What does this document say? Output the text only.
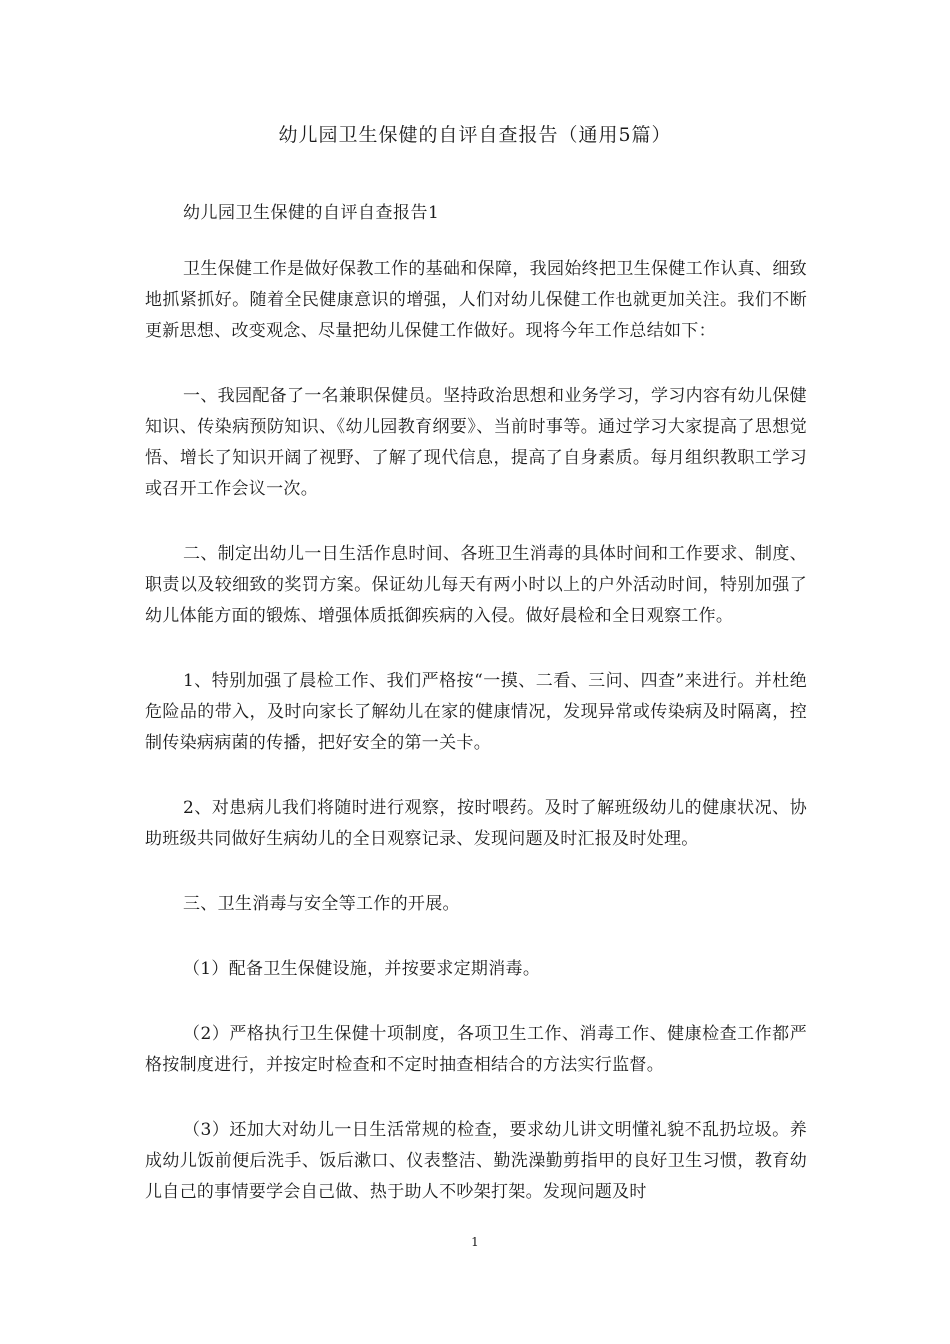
幼儿园卫生保健的自评自查报告（通用5篇）
幼儿园卫生保健的自评自查报告1

卫生保健工作是做好保教工作的基础和保障，我园始终把卫生保健工作认真、细致地抓紧抓好。随着全民健康意识的增强，人们对幼儿保健工作也就更加关注。我们不断更新思想、改变观念、尽量把幼儿保健工作做好。现将今年工作总结如下：

一、我园配备了一名兼职保健员。坚持政治思想和业务学习，学习内容有幼儿保健知识、传染病预防知识、《幼儿园教育纲要》、当前时事等。通过学习大家提高了思想觉悟、增长了知识开阔了视野、了解了现代信息，提高了自身素质。每月组织教职工学习或召开工作会议一次。

二、制定出幼儿一日生活作息时间、各班卫生消毒的具体时间和工作要求、制度、职责以及较细致的奖罚方案。保证幼儿每天有两小时以上的户外活动时间，特别加强了幼儿体能方面的锻炼、增强体质抵御疾病的入侵。做好晨检和全日观察工作。

1、特别加强了晨检工作、我们严格按“一摸、二看、三问、四查”来进行。并杜绝危险品的带入，及时向家长了解幼儿在家的健康情况，发现异常或传染病及时隔离，控制传染病病菌的传播，把好安全的第一关卡。

2、对患病儿我们将随时进行观察，按时喂药。及时了解班级幼儿的健康状况、协助班级共同做好生病幼儿的全日观察记录、发现问题及时汇报及时处理。

三、卫生消毒与安全等工作的开展。

（1）配备卫生保健设施，并按要求定期消毒。

（2）严格执行卫生保健十项制度，各项卫生工作、消毒工作、健康检查工作都严格按制度进行，并按定时检查和不定时抽查相结合的方法实行监督。

（3）还加大对幼儿一日生活常规的检查，要求幼儿讲文明懂礼貌不乱扔垃圾。养成幼儿饭前便后洗手、饭后漱口、仪表整洁、勤洗澡勤剪指甲的良好卫生习惯，教育幼儿自己的事情要学会自己做、热于助人不吵架打架。发现问题及时

1
